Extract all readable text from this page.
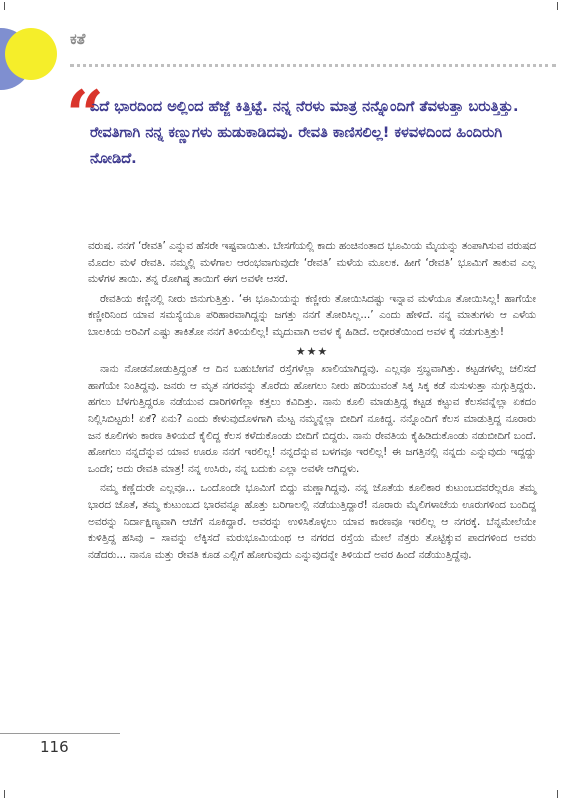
ಕತೆ
“
ಎದೆ ಭಾರದಿಂದ ಅಲ್ಲಿಂದ ಹೆಜ್ಜೆ ಕಿತ್ತಿಟ್ಟೆ. ನನ್ನ ನೆರಳು ಮಾತ್ರ ನನ್ನೊಂದಿಗೆ ತೆವಳುತ್ತಾ ಬರುತ್ತಿತ್ತು. ರೇವತಿಗಾಗಿ ನನ್ನ ಕಣ್ಣುಗಳು ಹುಡುಕಾಡಿದವು. ರೇವತಿ ಕಾಣಿಸಲಿಲ್ಲ! ಕಳವಳದಿಂದ ಹಿಂದಿರುಗಿ ನೋಡಿದೆ.

ವರುಷ. ನನಗೆ ‘ರೇವತಿ’ ಎನ್ನುವ ಹೆಸರೇ ಇಷ್ಟವಾಯಿತು. ಬೇಸಗೆಯಲ್ಲಿ ಕಾದು ಹಂಚಿನಂತಾದ ಭೂಮಿಯ ಮೈಯನ್ನು ತಂಪಾಗಿಸುವ ವರುಷದ ಮೊದಲ ಮಳೆ ರೇವತಿ. ನಮ್ಮಲ್ಲಿ ಮಳೆಗಾಲ ಆರಂಭವಾಗುವುದೇ ‘ರೇವತಿ’ ಮಳೆಯ ಮೂಲಕ. ಹೀಗೆ ‘ರೇವತಿ’ ಭೂಮಿಗೆ ತಾಕುವ ಎಲ್ಲ ಮಳೆಗಳ ತಾಯಿ. ತನ್ನ ರೋಗಿಷ್ಠ ತಾಯಿಗೆ ಈಗ ಅವಳೇ ಆಸರೆ.

ರೇವತಿಯ ಕಣ್ಣಿನಲ್ಲಿ ನೀರು ಜಿನುಗುತ್ತಿತ್ತು. ‘ಈ ಭೂಮಿಯನ್ನು ಕಣ್ಣೀರು ತೋಯಿಸಿದಷ್ಟು ಇನ್ನಾವ ಮಳೆಯೂ ತೋಯಿಸಿಲ್ಲ! ಹಾಗೆಯೇ ಕಣ್ಣೀರಿನಿಂದ ಯಾವ ಸಮಸ್ಯೆಯೂ ಪರಿಹಾರವಾಗಿದ್ದನ್ನು ಜಗತ್ತು ನನಗೆ ತೋರಿಸಿಲ್ಲ...’ ಎಂದು ಹೇಳಿದೆ. ನನ್ನ ಮಾತುಗಳು ಆ ಎಳೆಯ ಬಾಲಕಿಯ ಅರಿವಿಗೆ ಎಷ್ಟು ತಾಕಿತೋ ನನಗೆ ತಿಳಿಯಲಿಲ್ಲ! ಮೃದುವಾಗಿ ಅವಳ ಕೈ ಹಿಡಿದೆ. ಅಧೀರತೆಯಿಂದ ಅವಳ ಕೈ ನಡುಗುತ್ತಿತ್ತು!

★★★

ನಾನು ನೋಡನೋಡುತ್ತಿದ್ದಂತೆ ಆ ದಿನ ಬಹುಬೇಗನೆ ರಸ್ತೆಗಳೆಲ್ಲಾ ಖಾಲಿಯಾಗಿದ್ದವು. ಎಲ್ಲವೂ ಸ್ತಬ್ಧವಾಗಿತ್ತು. ಕಟ್ಟಡಗಳೆಲ್ಲ ಚಲಿಸದೆ ಹಾಗೆಯೇ ನಿಂತಿದ್ದವು. ಜನರು ಆ ಮೃತ ನಗರವನ್ನು ತೊರೆದು ಹೋಗಲು ನೀರು ಹರಿಯುವಂತೆ ಸಿಕ್ಕ ಸಿಕ್ಕ ಕಡೆ ನುಸುಳುತ್ತಾ ನುಗ್ಗುತ್ತಿದ್ದರು. ಹಗಲು ಬೆಳಗುತ್ತಿದ್ದರೂ ನಡೆಯುವ ದಾರಿಗಳಿಗೆಲ್ಲಾ ಕತ್ತಲು ಕವಿದಿತ್ತು. ನಾನು ಕೂಲಿ ಮಾಡುತ್ತಿದ್ದ ಕಟ್ಟಡ ಕಟ್ಟುವ ಕೆಲಸವನ್ನೆಲ್ಲಾ ಏಕದಂ ನಿಲ್ಲಿಸಿಬಿಟ್ಟರು! ಏಕೆ? ಏನು? ಎಂದು ಕೇಳುವುದೊಳಗಾಗಿ ಮೆಟ್ಟ ನಮ್ಮನ್ನೆಲ್ಲಾ ಬೀದಿಗೆ ನೂಕಿದ್ದ. ನನ್ನೊಂದಿಗೆ ಕೆಲಸ ಮಾಡುತ್ತಿದ್ದ ನೂರಾರು ಜನ ಕೂಲಿಗಳು ಕಾರಣ ತಿಳಿಯದೆ ಕೈಲಿದ್ದ ಕೆಲಸ ಕಳೆದುಕೊಂಡು ಬೀದಿಗೆ ಬಿದ್ದರು. ನಾನು ರೇವತಿಯ ಕೈಹಿಡಿದುಕೊಂಡು ನಡುಬೀದಿಗೆ ಬಂದೆ. ಹೋಗಲು ನನ್ನದೆನ್ನುವ ಯಾವ ಊರೂ ನನಗೆ ಇರಲಿಲ್ಲ! ನನ್ನದೆನ್ನುವ ಬಳಗವೂ ಇರಲಿಲ್ಲ! ಈ ಜಗತ್ತಿನಲ್ಲಿ ನನ್ನದು ಎನ್ನುವುದು ಇದ್ದದ್ದು ಒಂದೇ; ಅದು ರೇವತಿ ಮಾತ್ರ! ನನ್ನ ಉಸಿರು, ನನ್ನ ಬದುಕು ಎಲ್ಲಾ ಅವಳೇ ಆಗಿದ್ದಳು.

ನಮ್ಮ ಕಣ್ಣೆದುರೇ ಎಲ್ಲವೂ... ಒಂದೊಂದೇ ಭೂಮಿಗೆ ಬಿದ್ದು ಮಣ್ಣಾಗಿದ್ದವು. ನನ್ನ ಜೊತೆಯ ಕೂಲಿಕಾರ ಕುಟುಂಬದವರೆಲ್ಲರೂ ತಮ್ಮ ಭಾರದ ಜೊತೆ, ತಮ್ಮ ಕುಟುಂಬದ ಭಾರವನ್ನೂ ಹೊತ್ತು ಬರಿಗಾಲಲ್ಲಿ ನಡೆಯುತ್ತಿದ್ದಾರೆ! ನೂರಾರು ಮೈಲಿಗಳಾಚೆಯ ಊರುಗಳಿಂದ ಬಂದಿದ್ದ ಅವರನ್ನು ನಿರ್ದಾಕ್ಷಿಣ್ಯವಾಗಿ ಆಚೆಗೆ ನೂಕಿದ್ದಾರೆ. ಅವರನ್ನು ಉಳಿಸಿಕೊಳ್ಳಲು ಯಾವ ಕಾರಣವೂ ಇರಲಿಲ್ಲ ಆ ನಗರಕ್ಕೆ. ಬೆನ್ನಮೇಲೆಯೇ ಕುಳಿತ್ತಿದ್ದ ಹಸಿವು – ಸಾವನ್ನು ಲೆಕ್ಕಿಸದೆ ಮರುಭೂಮಿಯಂಥ ಆ ನಗರದ ರಸ್ತೆಯ ಮೇಲೆ ನೆತ್ತರು ತೊಟ್ಟಿಕ್ಕುವ ಪಾದಗಳಿಂದ ಅವರು ನಡೆದರು... ನಾನೂ ಮತ್ತು ರೇವತಿ ಕೂಡ ಎಲ್ಲಿಗೆ ಹೋಗುವುದು ಎನ್ನುವುದನ್ನೇ ತಿಳಿಯದೆ ಅವರ ಹಿಂದೆ ನಡೆಯುತ್ತಿದ್ದೆವು.

116
